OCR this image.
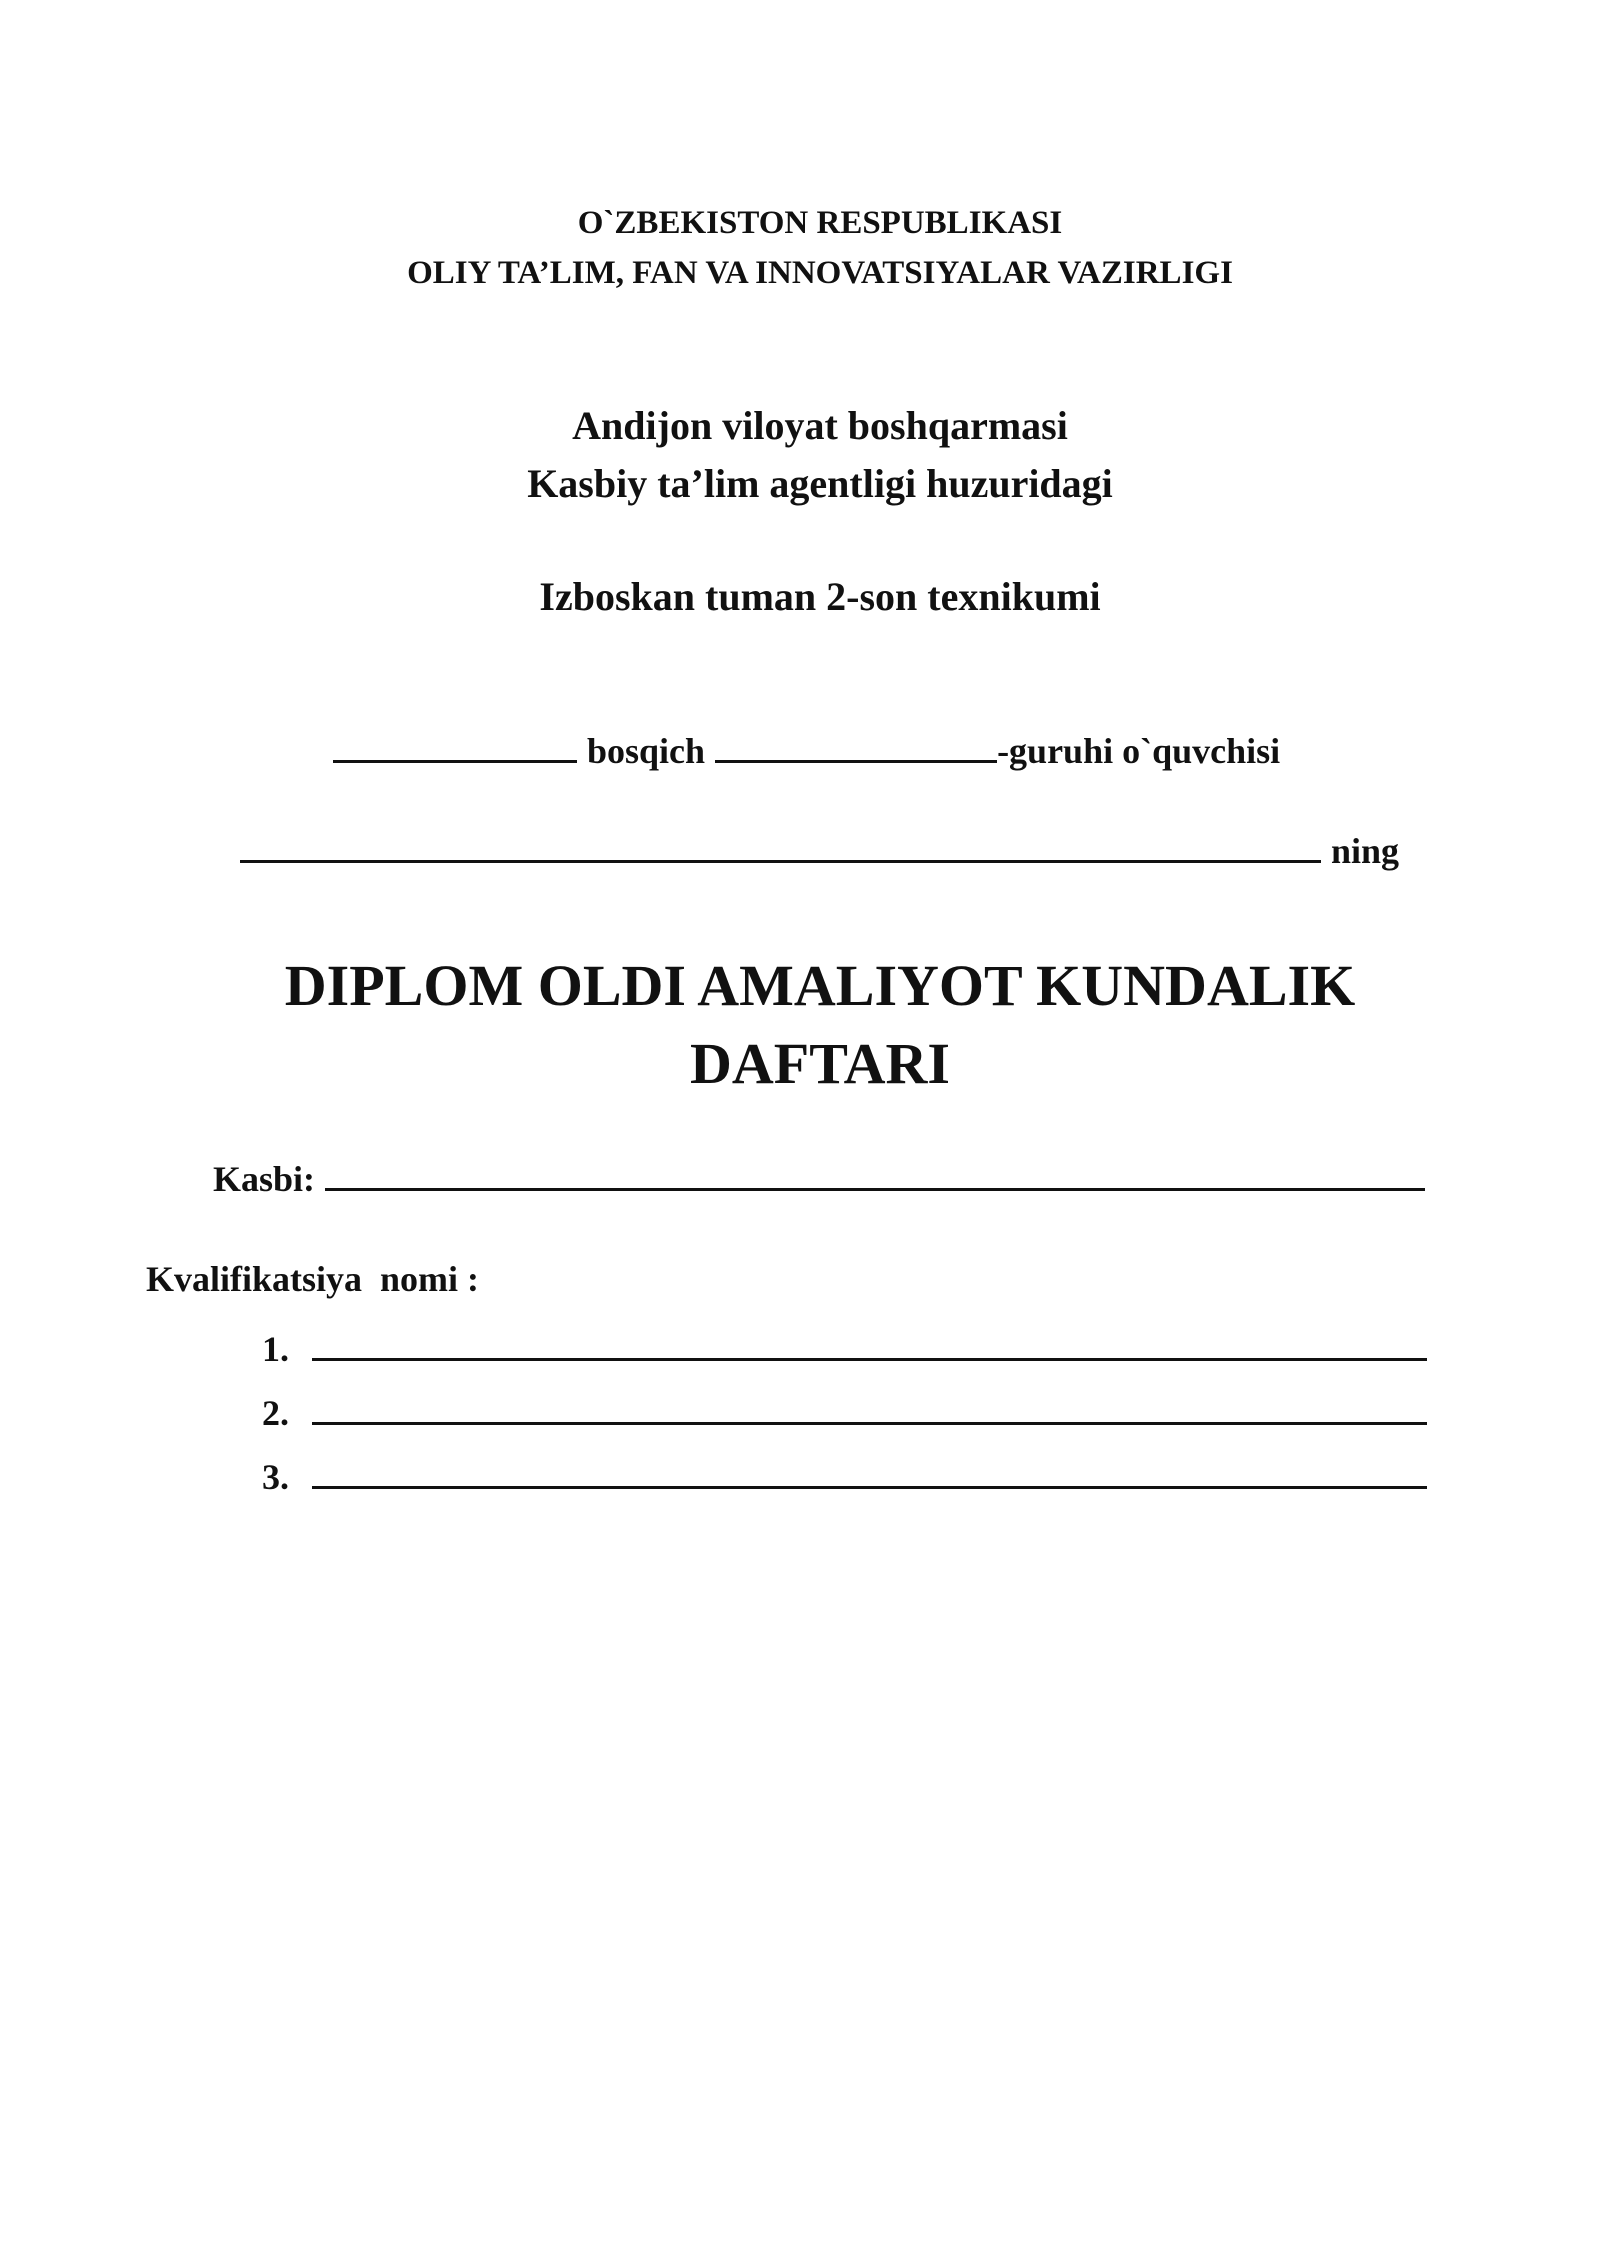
O`ZBEKISTON RESPUBLIKASI
OLIY TA’LIM, FAN VA INNOVATSIYALAR VAZIRLIGI
Andijon viloyat boshqarmasi
Kasbiy ta’lim agentligi huzuridagi
Izboskan tuman 2-son texnikumi
bosqich	-guruhi o`quvchisi
ning
DIPLOM OLDI AMALIYOT KUNDALIK
DAFTARI
Kasbi:
Kvalifikatsiya  nomi :
1.
2.
3.
